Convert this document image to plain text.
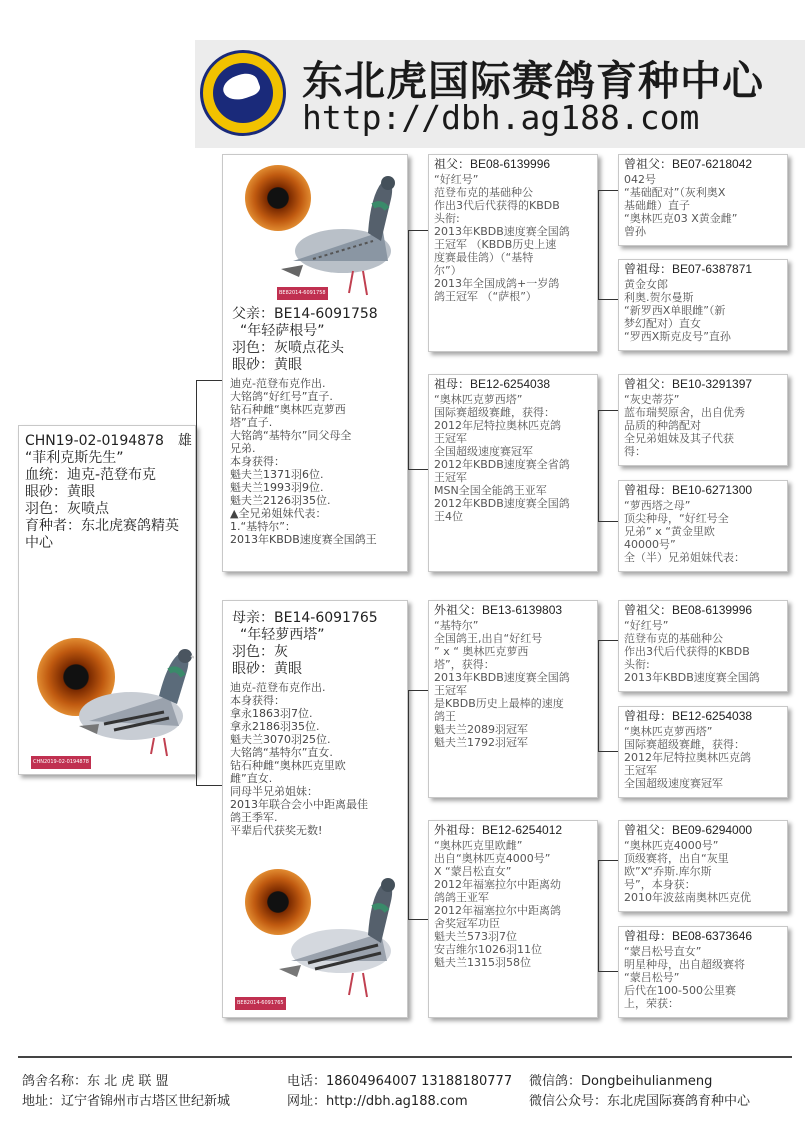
东北虎国际赛鸽育种中心
http://dbh.ag188.com
CHN19-02-0194878 雄
“菲利克斯先生”
血统：迪克-范登布克
眼砂：黄眼
羽色：灰喷点
育种者：东北虎赛鸽精英
中心
CHN2019-02-0194878
BE82014-6091758
父亲：BE14-6091758
“年轻萨根号”
羽色：灰喷点花头
眼砂：黄眼
迪克-范登布克作出.
大铭鸽“好红号”直子.
钻石种雌“奥林匹克萝西
塔”直子.
大铭鸽“基特尔”同父母全
兄弟.
本身获得：
魁夫兰1371羽6位.
魁夫兰1993羽9位.
魁夫兰2126羽35位.
▲全兄弟姐妹代表：
1.“基特尔”：
2013年KBDB速度赛全国鸽王
母亲：BE14-6091765
“年轻萝西塔”
羽色：灰
眼砂：黄眼
迪克-范登布克作出.
本身获得：
拿永1863羽7位.
拿永2186羽35位.
魁夫兰3070羽25位.
大铭鸽“基特尔”直女.
钻石种雌“奥林匹克里欧
雌”直女.
同母半兄弟姐妹：
2013年联合会小中距离最佳
鸽王季军.
平辈后代获奖无数!
BE82014-6091765
祖父：BE08-6139996
“好红号”
范登布克的基础种公
作出3代后代获得的KBDB
头衔:
2013年KBDB速度赛全国鸽
王冠军 （KBDB历史上速
度赛最佳鸽）（“基特
尔”）
2013年全国成鸽+一岁鸽
鸽王冠军 （“萨根”）
祖母：BE12-6254038
“奥林匹克萝西塔”
国际赛超级赛雌，获得：
2012年尼特拉奥林匹克鸽
王冠军
全国超级速度赛冠军
2012年KBDB速度赛全省鸽
王冠军
MSN全国全能鸽王亚军
2012年KBDB速度赛全国鸽
王4位
外祖父：BE13-6139803
“基特尔”
全国鸽王,出自“好红号
” x “ 奥林匹克萝西
塔”，获得：
2013年KBDB速度赛全国鸽
王冠军
是KBDB历史上最棒的速度
鸽王
魁夫兰2089羽冠军
魁夫兰1792羽冠军
外祖母：BE12-6254012
“奥林匹克里欧雌”
出自“奥林匹克4000号”
X “蒙吕松直女”
2012年福塞拉尔中距离幼
鸽鸽王亚军
2012年福塞拉尔中距离鸽
舍奖冠军功臣
魁夫兰573羽7位
安吉维尔1026羽11位
魁夫兰1315羽58位
曾祖父：BE07-6218042
042号
“基础配对”（灰利奥X
基础雌）直子
“奥林匹克03 X黄金雌”
曾孙
曾祖母：BE07-6387871
黄金女郎
利奥.贺尔曼斯
“新罗西X单眼雌”（新
梦幻配对）直女
“罗西X斯克皮号”直孙
曾祖父：BE10-3291397
“灰史蒂芬”
蓝布瑞契原舍，出自优秀
品质的种鸽配对
全兄弟姐妹及其子代获
得：
曾祖母：BE10-6271300
“萝西塔之母”
顶尖种母，“好红号全
兄弟” x “黄金里欧
40000号”
全（半）兄弟姐妹代表：
曾祖父：BE08-6139996
“好红号”
范登布克的基础种公
作出3代后代获得的KBDB
头衔:
2013年KBDB速度赛全国鸽
曾祖母：BE12-6254038
“奥林匹克萝西塔”
国际赛超级赛雌，获得：
2012年尼特拉奥林匹克鸽
王冠军
全国超级速度赛冠军
曾祖父：BE09-6294000
“奥林匹克4000号”
顶级赛将，出自“灰里
欧”X“乔斯.库尔斯
号”，本身获：
2010年波兹南奥林匹克优
曾祖母：BE08-6373646
“蒙吕松号直女”
明星种母，出自超级赛将
“蒙吕松号”
后代在100-500公里赛
上，荣获：
鸽舍名称：东 北 虎 联 盟	电话：18604964007 13188180777 微信鸽：Dongbeihulianmeng
地址：辽宁省锦州市古塔区世纪新城	网址：http://dbh.ag188.com	微信公众号：东北虎国际赛鸽育种中心
